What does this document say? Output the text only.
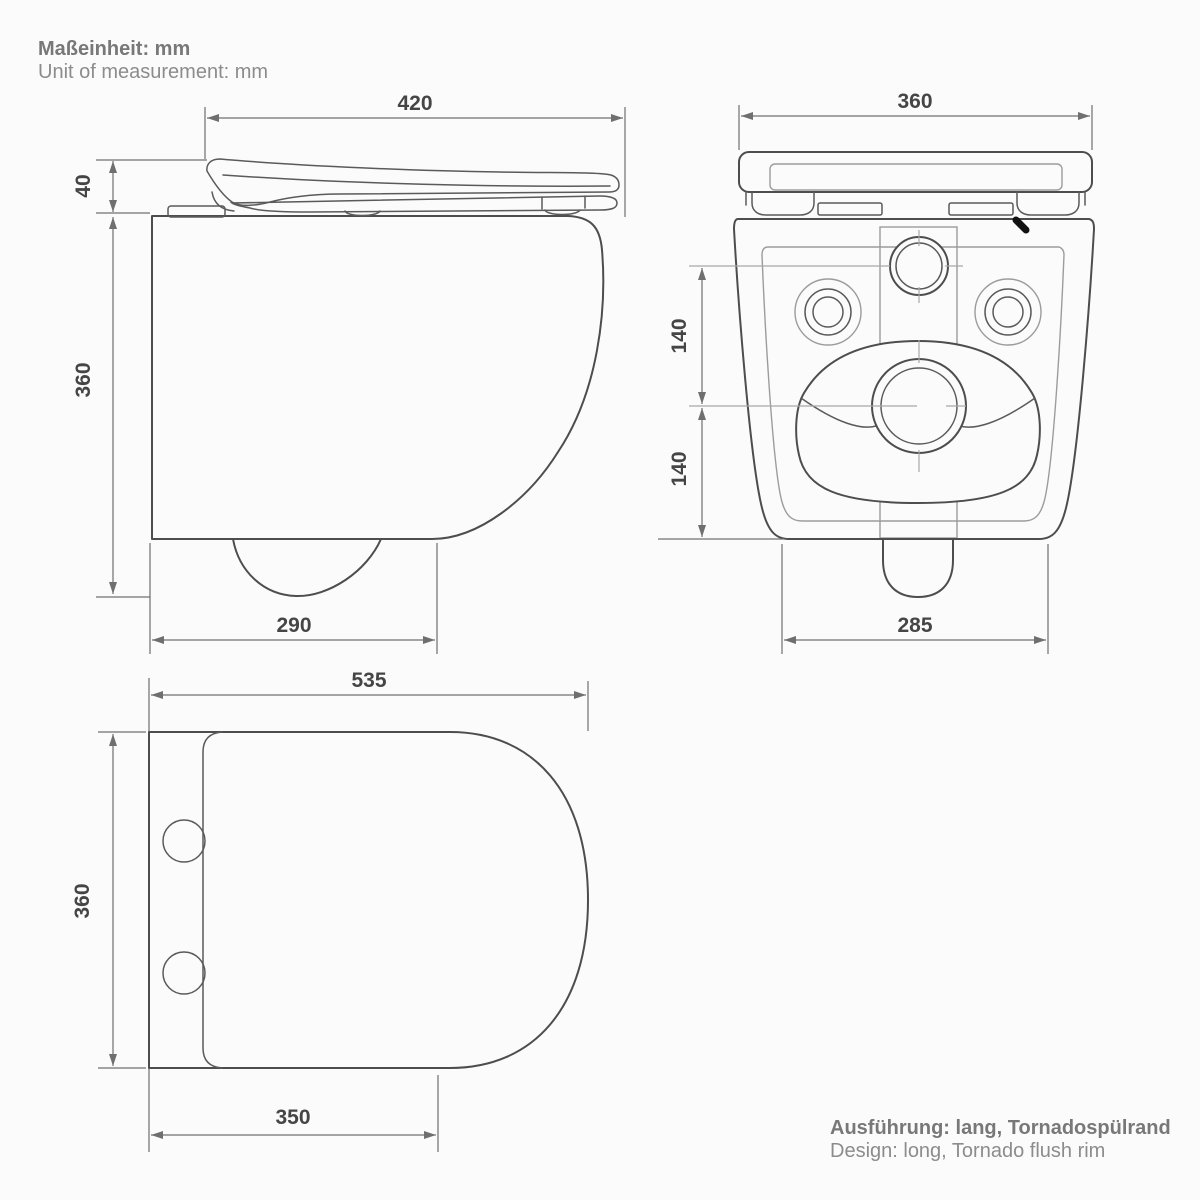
Maßeinheit: mm
Unit of measurement: mm
Ausführung: lang, Tornadospülrand
Design: long, Tornado flush rim
420
40
360
290
360
140
140
285
535
360
350
